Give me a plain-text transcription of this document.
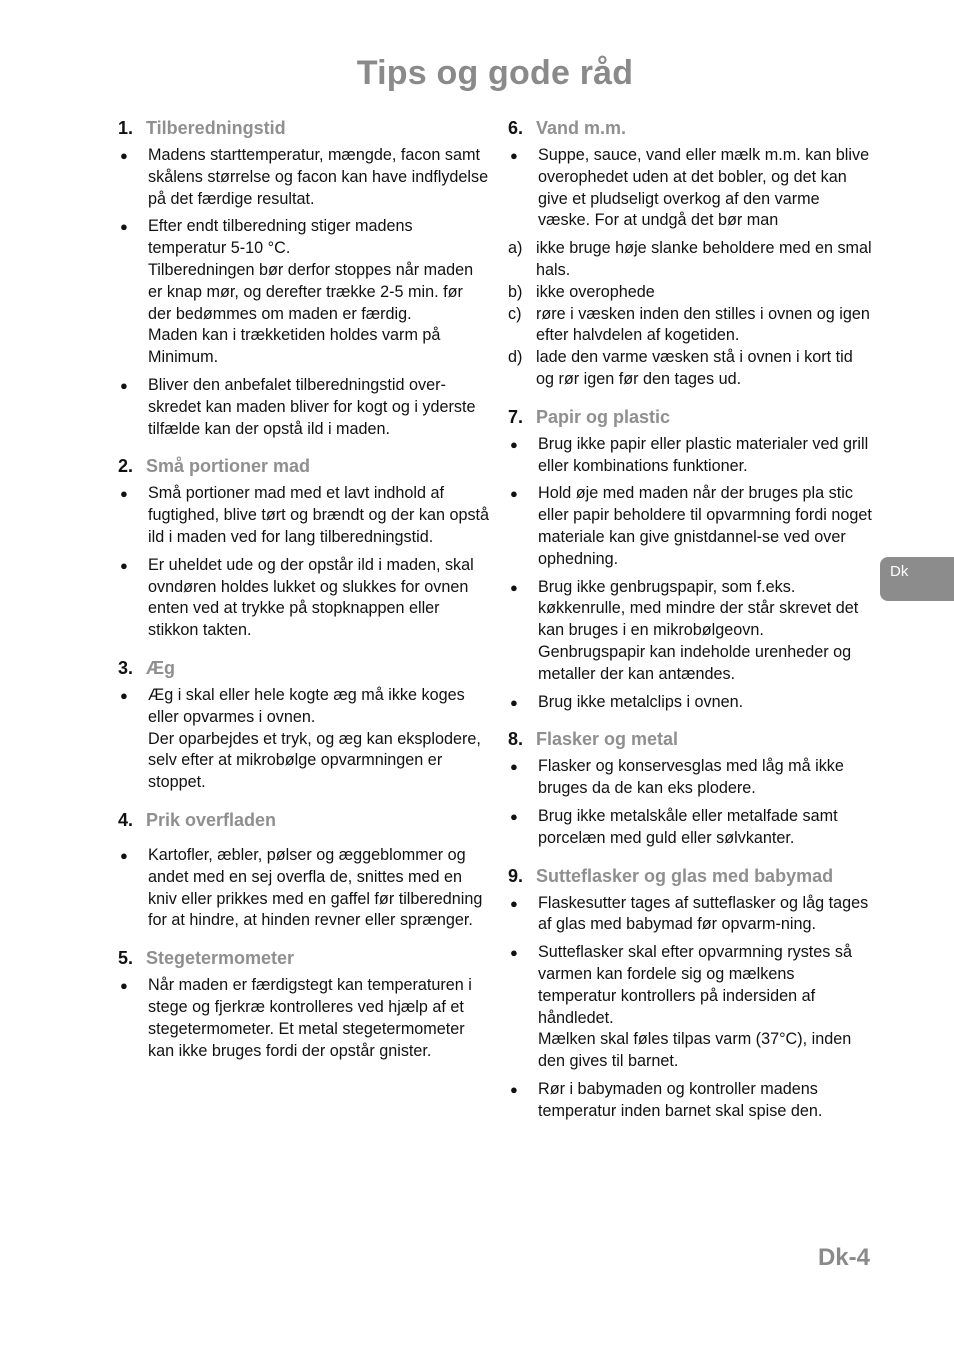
Tips og gode råd
1. Tilberedningstid
●	Madens starttemperatur, mængde, facon samt skålens størrelse og facon kan have indflydelse på det færdige resultat.
●	Efter endt tilberedning stiger madens temperatur 5-10 °C.

Tilberedningen bør derfor stoppes når maden er knap mør, og derefter trække 2-5 min. før der bedømmes om maden er færdig.

Maden kan i trækketiden holdes varm på Minimum.

●	Bliver den anbefalet tilberedningstid over-skredet kan maden bliver for kogt og i yderste tilfælde kan der opstå ild i maden.
2. Små portioner mad
●	Små portioner mad med et lavt indhold af fugtighed, blive tørt og brændt og der kan opstå ild i maden ved for lang tilberedningstid.
●	Er uheldet ude og der opstår ild i maden, skal ovndøren holdes lukket og slukkes for ovnen enten ved at trykke på stopknappen eller stikkon takten.
3. Æg
●	Æg i skal eller hele kogte æg må ikke koges eller opvarmes i ovnen.

Der oparbejdes et tryk, og æg kan eksplodere, selv efter at mikrobølge opvarmningen er stoppet.

4. Prik overfladen
●	Kartofler, æbler, pølser og æggeblommer og andet med en sej overfla de, snittes med en kniv eller prikkes med en gaffel før tilberedning for at hindre, at hinden revner eller sprænger.
5. Stegetermometer
●	Når maden er færdigstegt kan temperaturen i stege og fjerkræ kontrolleres ved hjælp af et stegetermometer. Et metal stegetermometer kan ikke bruges fordi der opstår gnister.
6. Vand m.m.
●	Suppe, sauce, vand eller mælk m.m. kan blive overophedet uden at det bobler, og det kan give et pludseligt overkog af den varme væske. For at undgå det bør man
a) ikke bruge høje slanke beholdere med en smal hals.
b) ikke overophede
c) røre i væsken inden den stilles i ovnen og igen efter halvdelen af kogetiden.
d) lade den varme væsken stå i ovnen i kort tid og rør igen før den tages ud.
7. Papir og plastic
●	Brug ikke papir eller plastic materialer ved grill eller kombinations funktioner.
●	Hold øje med maden når der bruges pla stic eller papir beholdere til opvarmning fordi noget materiale kan give gnistdannel-se ved over ophedning.
●	Brug ikke genbrugspapir, som f.eks. køkkenrulle, med mindre der står skrevet det kan bruges i en mikrobølgeovn. Genbrugspapir kan indeholde urenheder og metaller der kan antændes.
●	Brug ikke metalclips i ovnen.
8. Flasker og metal
●	Flasker og konservesglas med låg må ikke bruges da de kan eks plodere.
●	Brug ikke metalskåle eller metalfade samt porcelæn med guld eller sølvkanter.
9. Sutteflasker og glas med babymad
●	Flaskesutter tages af sutteflasker og låg tages af glas med babymad før opvarm-ning.
●	Sutteflasker skal efter opvarmning rystes så varmen kan fordele sig og mælkens temperatur kontrollers på indersiden af håndledet.

Mælken skal føles tilpas varm (37°C), inden den gives til barnet.

●	Rør i babymaden og kontroller madens temperatur inden barnet skal spise den.
Dk
Dk-4
